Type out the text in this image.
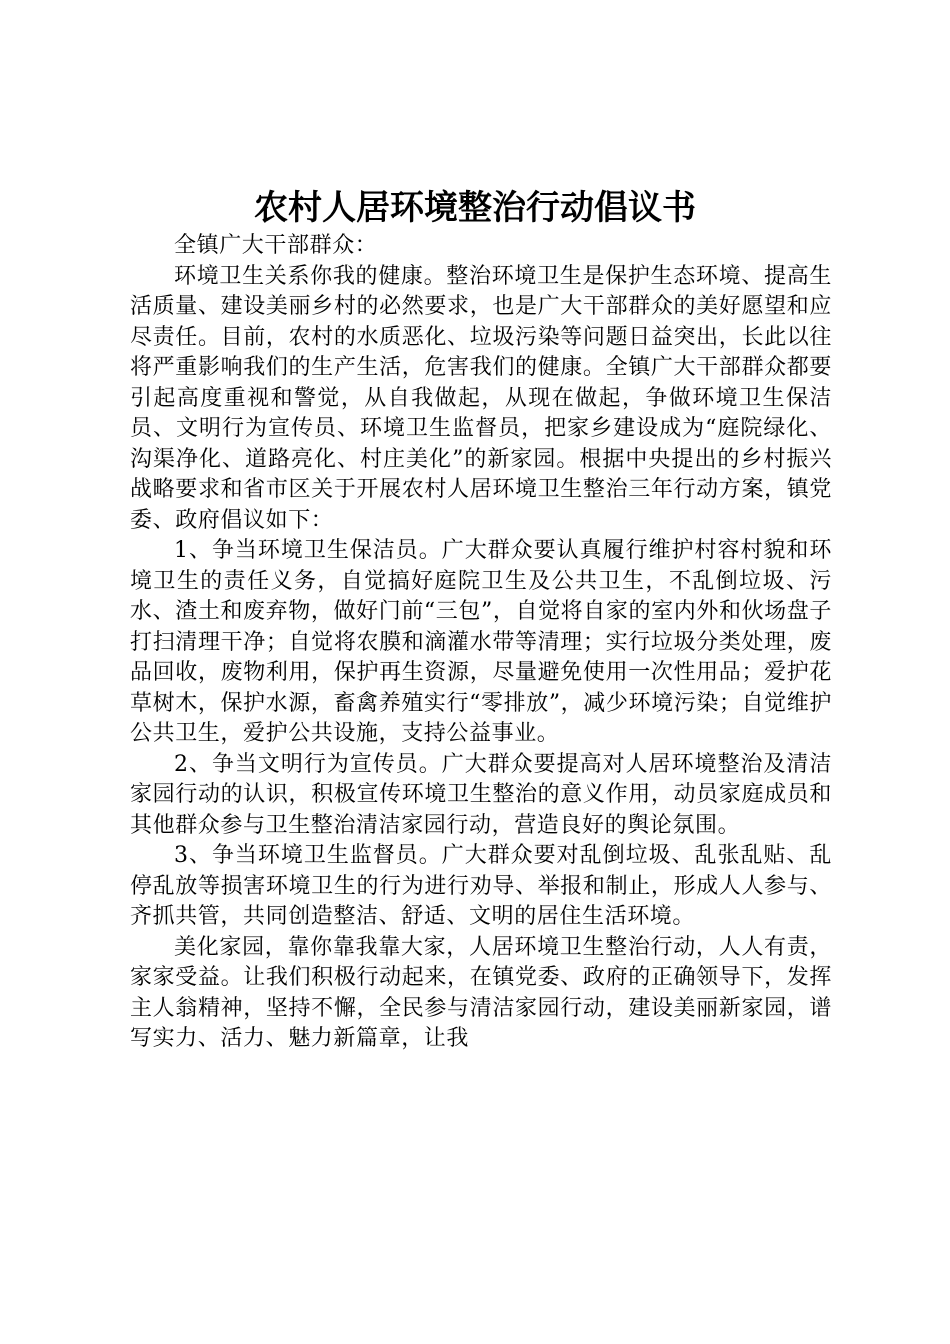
农村人居环境整治行动倡议书

全镇广大干部群众：

环境卫生关系你我的健康。整治环境卫生是保护生态环境、提高生活质量、建设美丽乡村的必然要求，也是广大干部群众的美好愿望和应尽责任。目前，农村的水质恶化、垃圾污染等问题日益突出，长此以往将严重影响我们的生产生活，危害我们的健康。全镇广大干部群众都要引起高度重视和警觉，从自我做起，从现在做起，争做环境卫生保洁员、文明行为宣传员、环境卫生监督员，把家乡建设成为“庭院绿化、沟渠净化、道路亮化、村庄美化”的新家园。根据中央提出的乡村振兴战略要求和省市区关于开展农村人居环境卫生整治三年行动方案，镇党委、政府倡议如下：

1、争当环境卫生保洁员。广大群众要认真履行维护村容村貌和环境卫生的责任义务，自觉搞好庭院卫生及公共卫生，不乱倒垃圾、污水、渣土和废弃物，做好门前“三包”，自觉将自家的室内外和伙场盘子打扫清理干净；自觉将农膜和滴灌水带等清理；实行垃圾分类处理，废品回收，废物利用，保护再生资源，尽量避免使用一次性用品；爱护花草树木，保护水源，畜禽养殖实行“零排放”，减少环境污染；自觉维护公共卫生，爱护公共设施，支持公益事业。

2、争当文明行为宣传员。广大群众要提高对人居环境整治及清洁家园行动的认识，积极宣传环境卫生整治的意义作用，动员家庭成员和其他群众参与卫生整治清洁家园行动，营造良好的舆论氛围。

3、争当环境卫生监督员。广大群众要对乱倒垃圾、乱张乱贴、乱停乱放等损害环境卫生的行为进行劝导、举报和制止，形成人人参与、齐抓共管，共同创造整洁、舒适、文明的居住生活环境。

美化家园，靠你靠我靠大家，人居环境卫生整治行动，人人有责，家家受益。让我们积极行动起来，在镇党委、政府的正确领导下，发挥主人翁精神，坚持不懈，全民参与清洁家园行动，建设美丽新家园，谱写实力、活力、魅力新篇章，让我
